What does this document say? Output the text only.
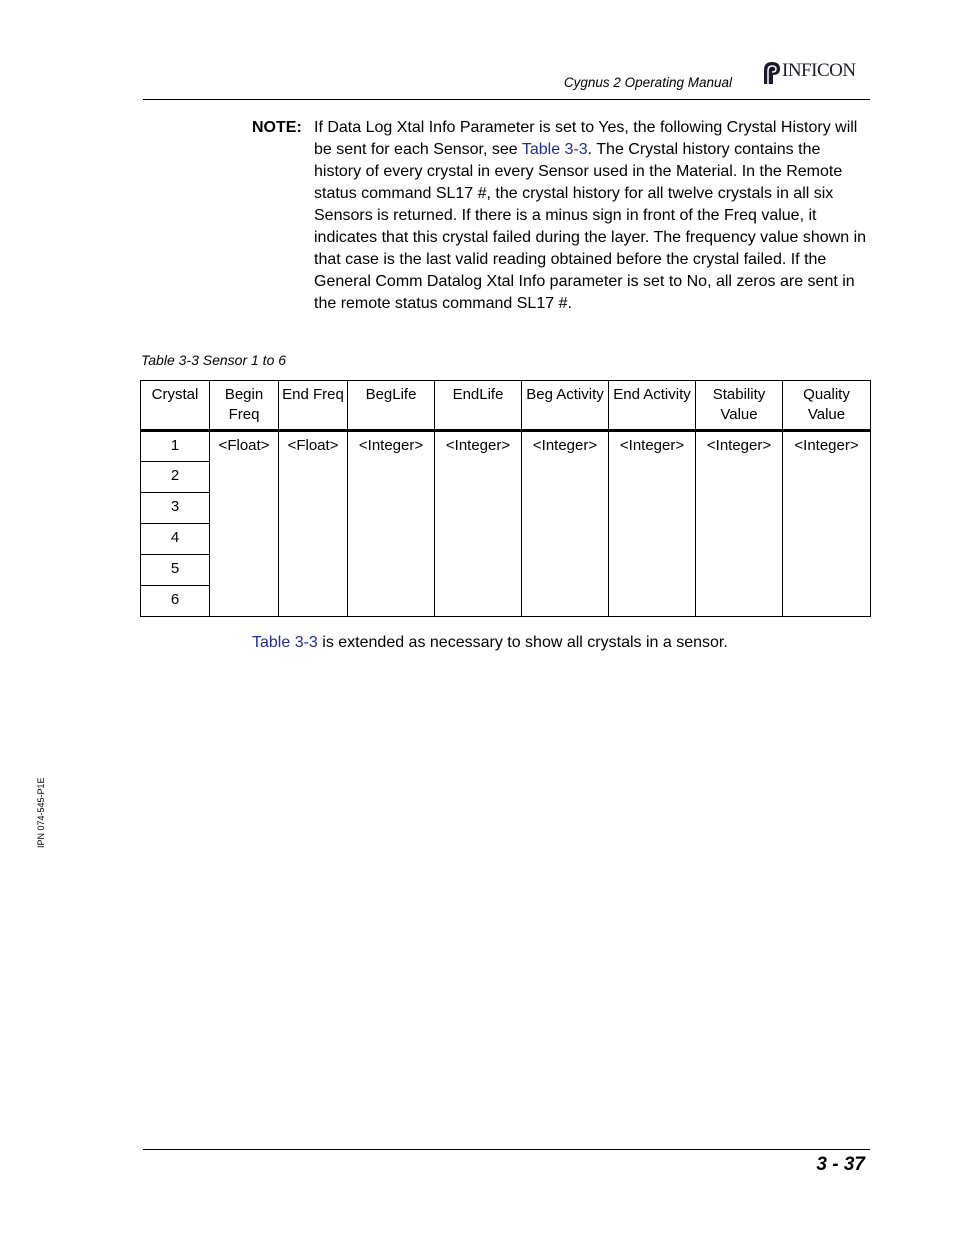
Cygnus 2 Operating Manual
INFICON
NOTE: If Data Log Xtal Info Parameter is set to Yes, the following Crystal History will be sent for each Sensor, see Table 3-3. The Crystal history contains the history of every crystal in every Sensor used in the Material. In the Remote status command SL17 #, the crystal history for all twelve crystals in all six Sensors is returned. If there is a minus sign in front of the Freq value, it indicates that this crystal failed during the layer. The frequency value shown in that case is the last valid reading obtained before the crystal failed. If the General Comm Datalog Xtal Info parameter is set to No, all zeros are sent in the remote status command SL17 #.
Table 3-3 Sensor 1 to 6
Crystal	Begin Freq	End Freq	BegLife	EndLife	Beg Activity	End Activity	Stability Value	Quality Value
1	<Float>	<Float>	<Integer>	<Integer>	<Integer>	<Integer>	<Integer>	<Integer>
2								
3								
4								
5								
6								
Table 3-3 is extended as necessary to show all crystals in a sensor.
IPN 074-545-P1E
3 - 37
